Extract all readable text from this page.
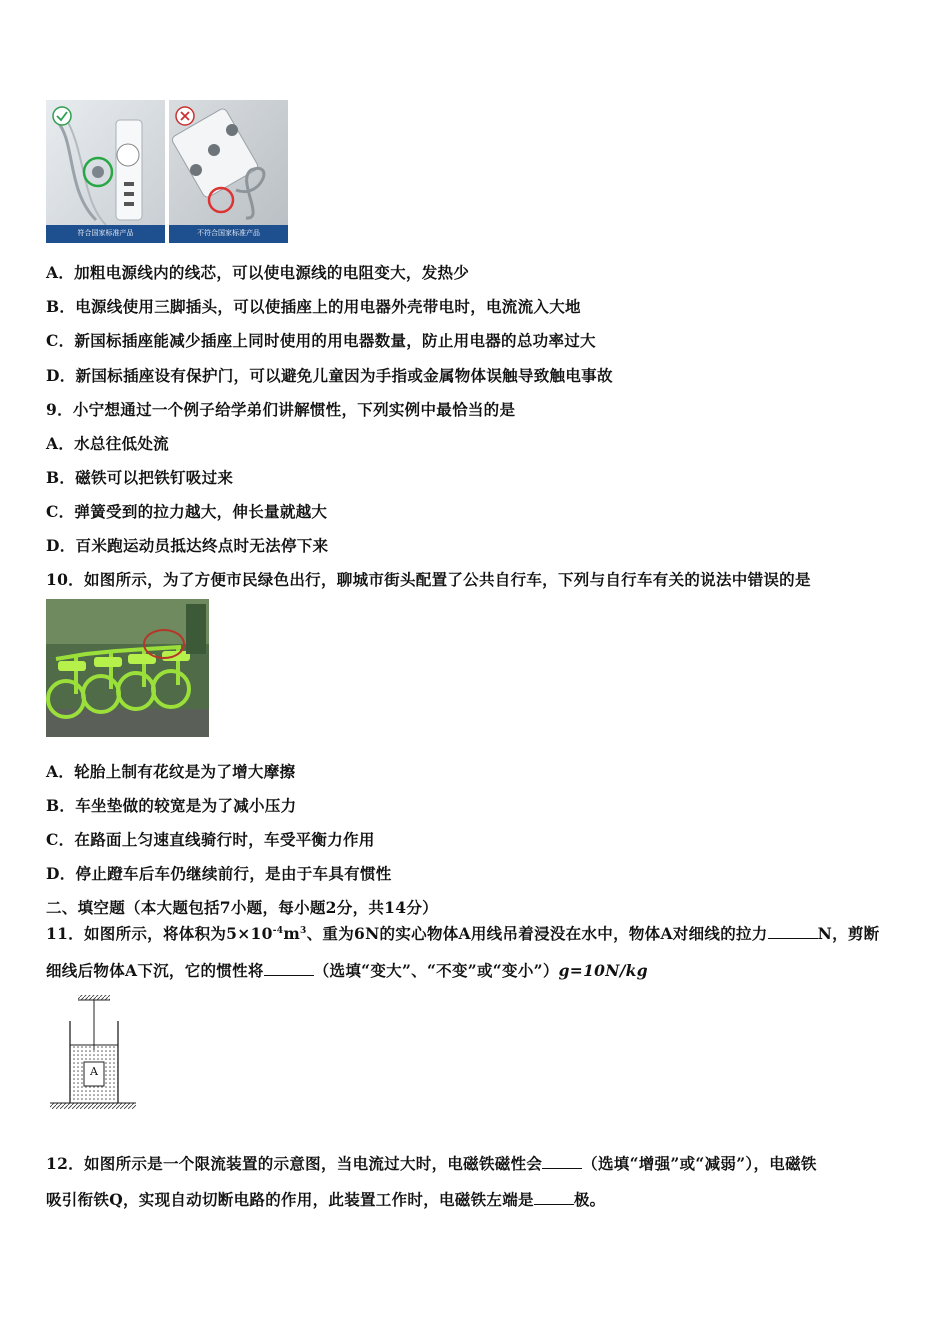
符合国家标准产品	不符合国家标准产品
A．加粗电源线内的线芯，可以使电源线的电阻变大，发热少
B．电源线使用三脚插头，可以使插座上的用电器外壳带电时，电流流入大地
C．新国标插座能减少插座上同时使用的用电器数量，防止用电器的总功率过大
D．新国标插座设有保护门，可以避免儿童因为手指或金属物体误触导致触电事故
9．小宁想通过一个例子给学弟们讲解惯性，下列实例中最恰当的是
A．水总往低处流
B．磁铁可以把铁钉吸过来
C．弹簧受到的拉力越大，伸长量就越大
D．百米跑运动员抵达终点时无法停下来
10．如图所示，为了方便市民绿色出行，聊城市街头配置了公共自行车，下列与自行车有关的说法中错误的是
A．轮胎上制有花纹是为了增大摩擦
B．车坐垫做的较宽是为了减小压力
C．在路面上匀速直线骑行时，车受平衡力作用
D．停止蹬车后车仍继续前行，是由于车具有惯性
二、填空题（本大题包括7小题，每小题2分，共14分）
11．如图所示，将体积为$5\times 10^{-4}m^3$、重为6N的实心物体A用线吊着浸没在水中，物体A对细线的拉力	N，剪断
细线后物体A下沉，它的惯性将	（选填“变大”、“不变”或“变小”）g=10N/kg
A
12．如图所示是一个限流装置的示意图，当电流过大时，电磁铁磁性会	（选填“增强”或“减弱”），电磁铁
吸引衔铁Q，实现自动切断电路的作用，此装置工作时，电磁铁左端是	极。
